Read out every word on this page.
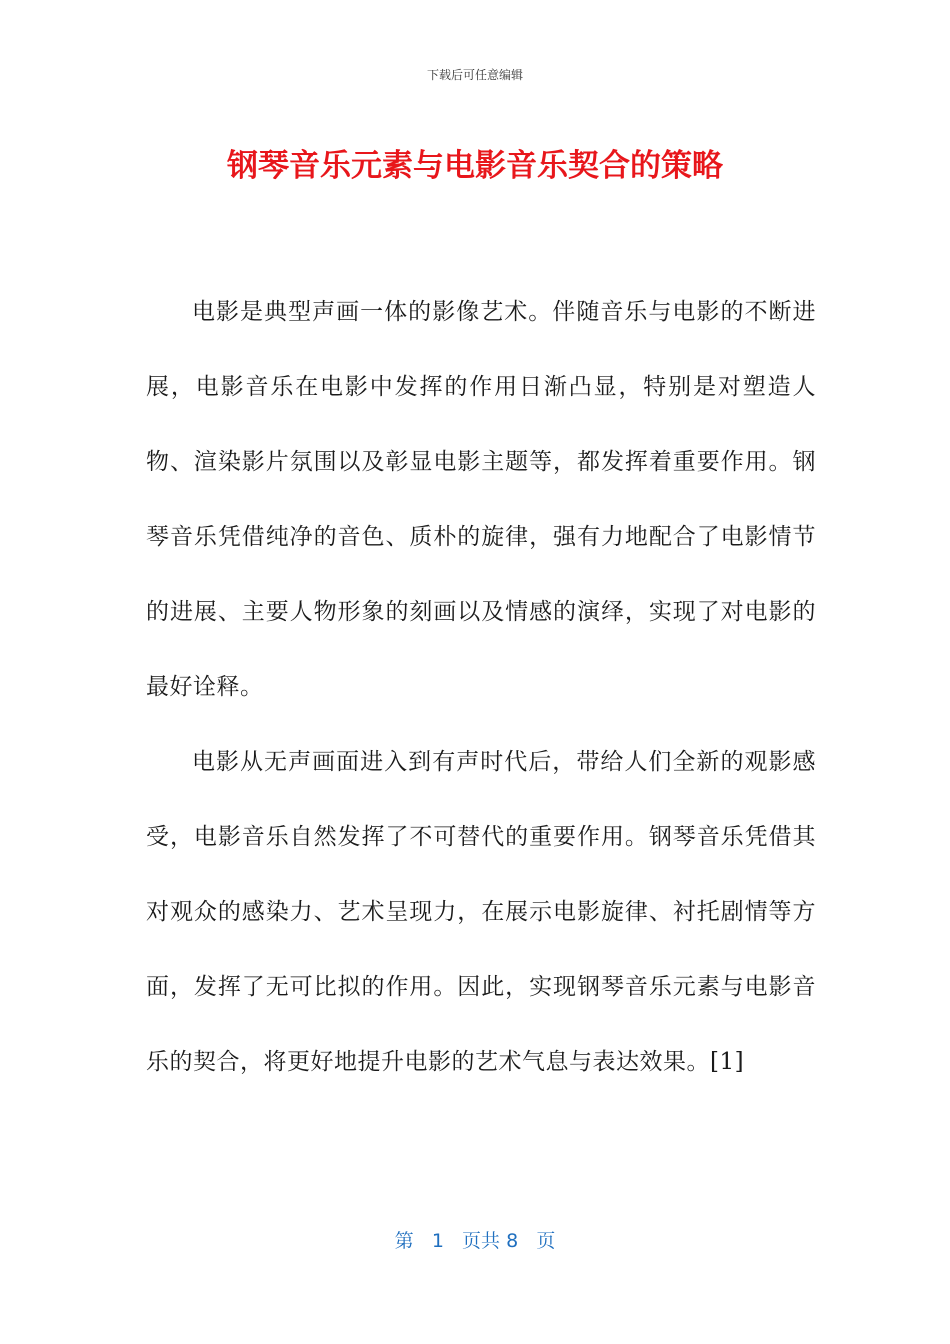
下载后可任意编辑
钢琴音乐元素与电影音乐契合的策略

电影是典型声画一体的影像艺术。伴随音乐与电影的不断进展，电影音乐在电影中发挥的作用日渐凸显，特别是对塑造人物、渲染影片氛围以及彰显电影主题等，都发挥着重要作用。钢琴音乐凭借纯净的音色、质朴的旋律，强有力地配合了电影情节的进展、主要人物形象的刻画以及情感的演绎，实现了对电影的最好诠释。

电影从无声画面进入到有声时代后，带给人们全新的观影感受，电影音乐自然发挥了不可替代的重要作用。钢琴音乐凭借其对观众的感染力、艺术呈现力，在展示电影旋律、衬托剧情等方面，发挥了无可比拟的作用。因此，实现钢琴音乐元素与电影音乐的契合，将更好地提升电影的艺术气息与表达效果。[1]

第 1 页共 8 页
